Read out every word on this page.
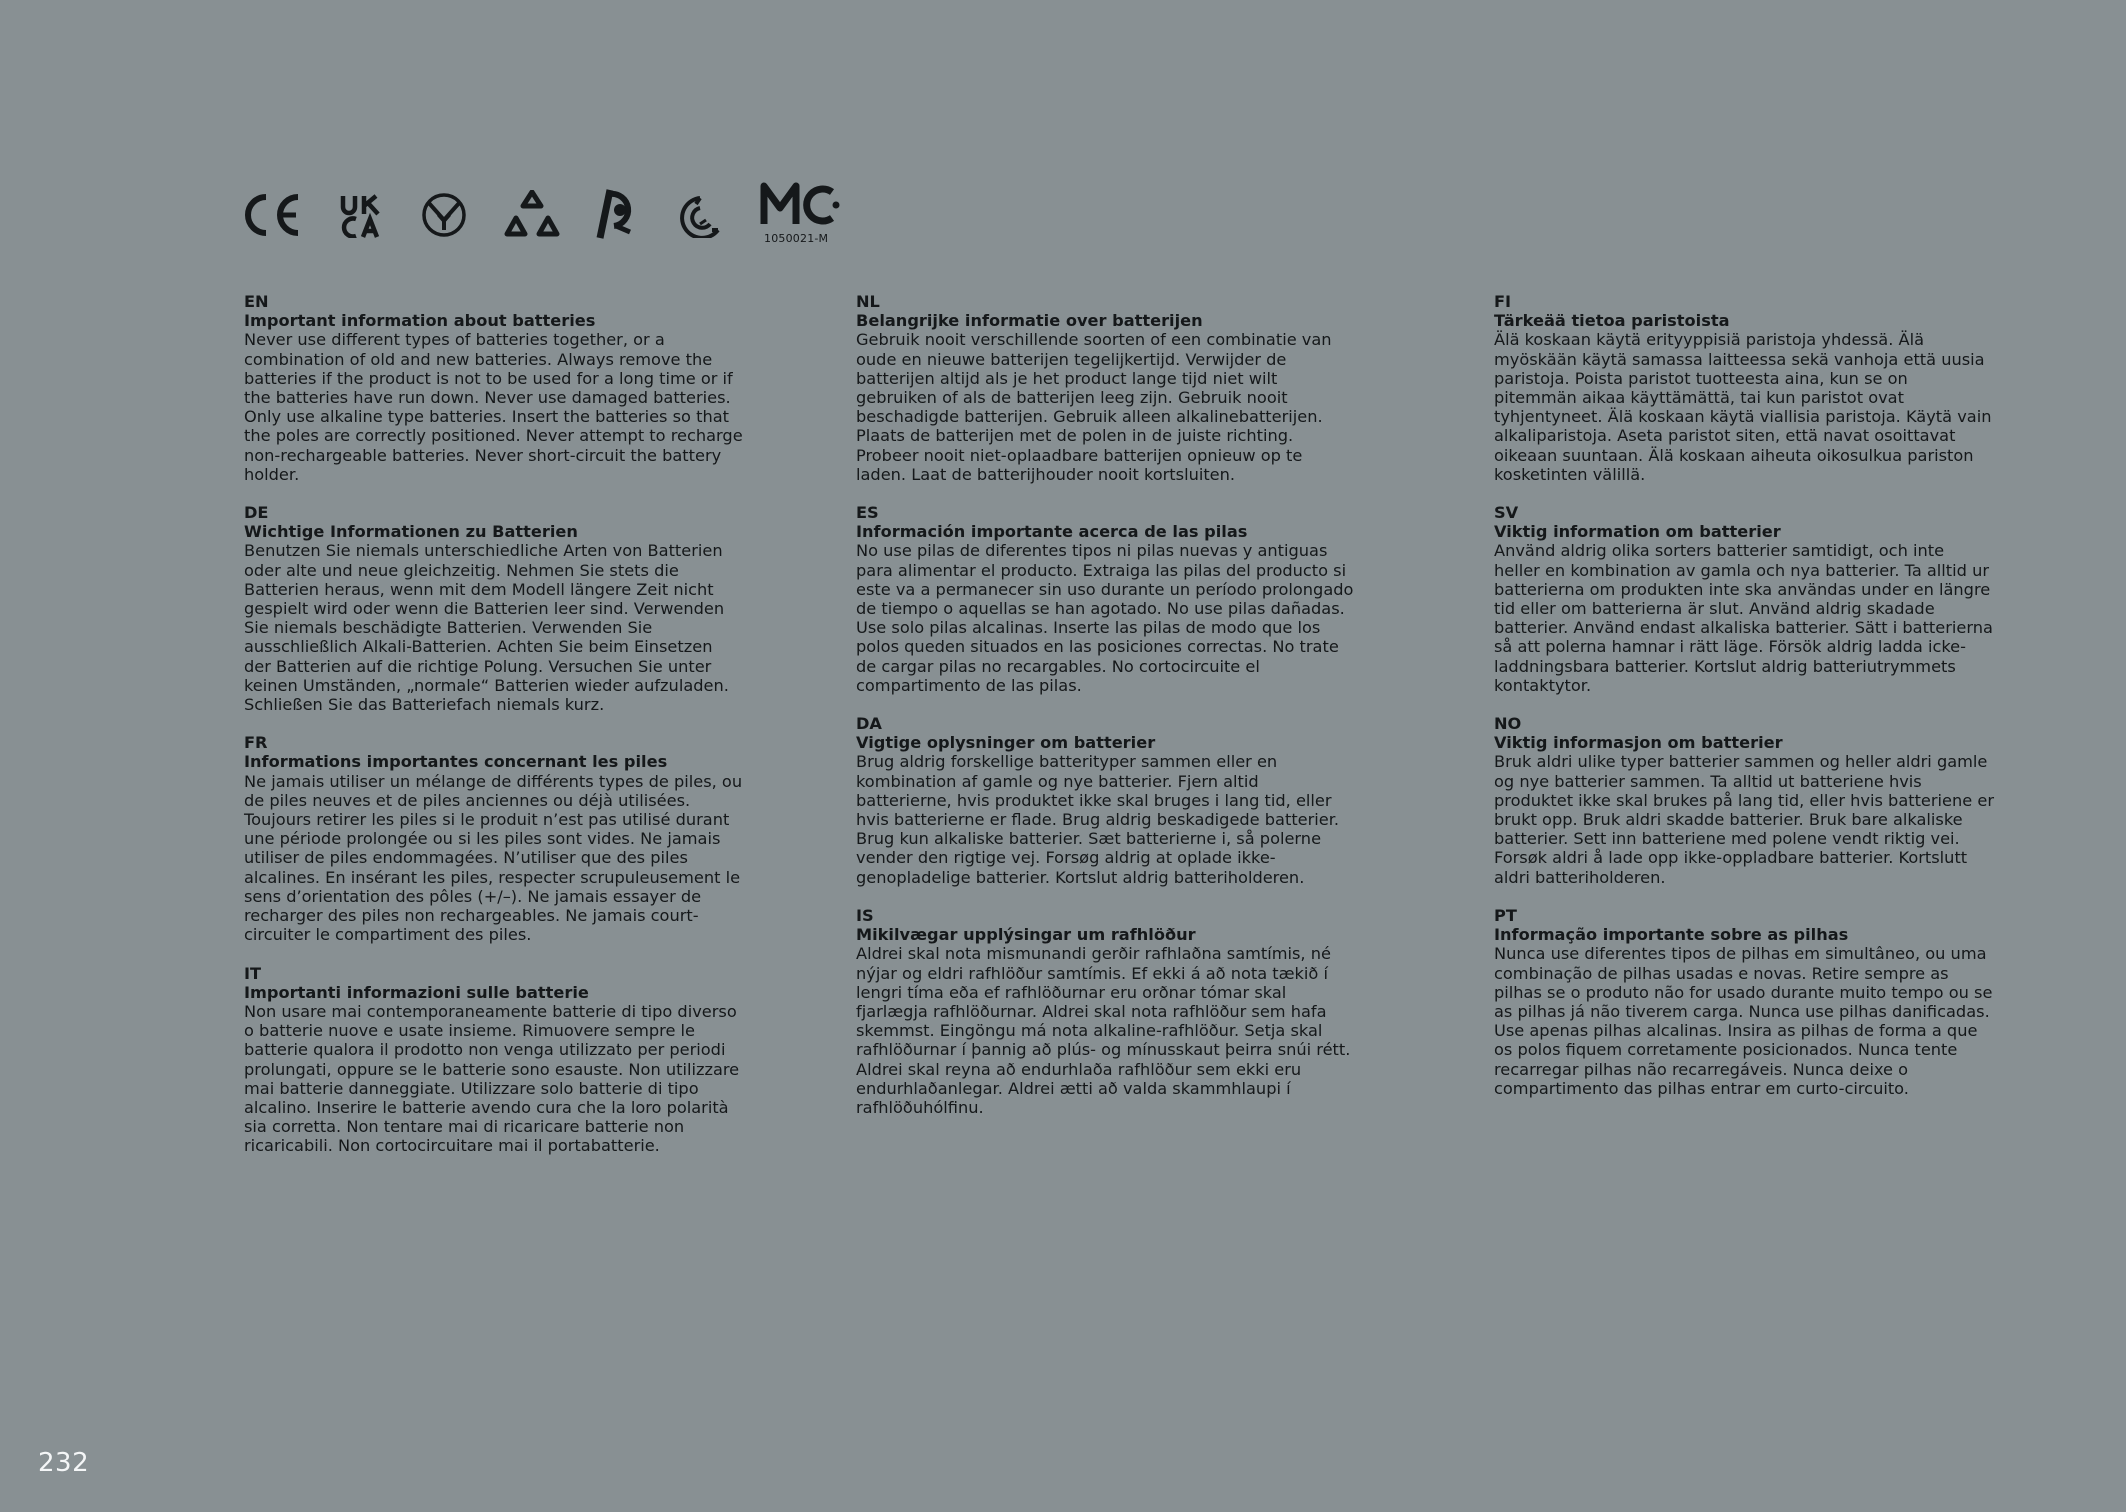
1050021-M
EN
Important information about batteries
Never use different types of batteries together, or a combination of old and new batteries. Always remove the batteries if the product is not to be used for a long time or if the batteries have run down. Never use damaged batteries. Only use alkaline type batteries. Insert the batteries so that the poles are correctly positioned. Never attempt to recharge non-rechargeable batteries. Never short-circuit the battery holder.
DE
Wichtige Informationen zu Batterien
Benutzen Sie niemals unterschiedliche Arten von Batterien oder alte und neue gleichzeitig. Nehmen Sie stets die Batterien heraus, wenn mit dem Modell längere Zeit nicht gespielt wird oder wenn die Batterien leer sind. Verwenden Sie niemals beschädigte Batterien. Verwenden Sie ausschließlich Alkali-Batterien. Achten Sie beim Einsetzen der Batterien auf die richtige Polung. Versuchen Sie unter keinen Umständen, „normale“ Batterien wieder aufzuladen. Schließen Sie das Batteriefach niemals kurz.
FR
Informations importantes concernant les piles
Ne jamais utiliser un mélange de différents types de piles, ou de piles neuves et de piles anciennes ou déjà utilisées. Toujours retirer les piles si le produit n’est pas utilisé durant une période prolongée ou si les piles sont vides. Ne jamais utiliser de piles endommagées. N’utiliser que des piles alcalines. En insérant les piles, respecter scrupuleusement le sens d’orientation des pôles (+/–). Ne jamais essayer de recharger des piles non rechargeables. Ne jamais court-circuiter le compartiment des piles.
IT
Importanti informazioni sulle batterie
Non usare mai contemporaneamente batterie di tipo diverso o batterie nuove e usate insieme. Rimuovere sempre le batterie qualora il prodotto non venga utilizzato per periodi prolungati, oppure se le batterie sono esauste. Non utilizzare mai batterie danneggiate. Utilizzare solo batterie di tipo alcalino. Inserire le batterie avendo cura che la loro polarità sia corretta. Non tentare mai di ricaricare batterie non ricaricabili. Non cortocircuitare mai il portabatterie.
NL
Belangrijke informatie over batterijen
Gebruik nooit verschillende soorten of een combinatie van oude en nieuwe batterijen tegelijkertijd. Verwijder de batterijen altijd als je het product lange tijd niet wilt gebruiken of als de batterijen leeg zijn. Gebruik nooit beschadigde batterijen. Gebruik alleen alkalinebatterijen. Plaats de batterijen met de polen in de juiste richting. Probeer nooit niet-oplaadbare batterijen opnieuw op te laden. Laat de batterijhouder nooit kortsluiten.
ES
Información importante acerca de las pilas
No use pilas de diferentes tipos ni pilas nuevas y antiguas para alimentar el producto. Extraiga las pilas del producto si este va a permanecer sin uso durante un período prolongado de tiempo o aquellas se han agotado. No use pilas dañadas. Use solo pilas alcalinas. Inserte las pilas de modo que los polos queden situados en las posiciones correctas. No trate de cargar pilas no recargables. No cortocircuite el compartimento de las pilas.
DA
Vigtige oplysninger om batterier
Brug aldrig forskellige batterityper sammen eller en kombination af gamle og nye batterier. Fjern altid batterierne, hvis produktet ikke skal bruges i lang tid, eller hvis batterierne er flade. Brug aldrig beskadigede batterier. Brug kun alkaliske batterier. Sæt batterierne i, så polerne vender den rigtige vej. Forsøg aldrig at oplade ikke-genopladelige batterier. Kortslut aldrig batteriholderen.
IS
Mikilvægar upplýsingar um rafhlöður
Aldrei skal nota mismunandi gerðir rafhlaðna samtímis, né nýjar og eldri rafhlöður samtímis. Ef ekki á að nota tækið í lengri tíma eða ef rafhlöðurnar eru orðnar tómar skal fjarlægja rafhlöðurnar. Aldrei skal nota rafhlöður sem hafa skemmst. Eingöngu má nota alkaline-rafhlöður. Setja skal rafhlöðurnar í þannig að plús- og mínusskaut þeirra snúi rétt. Aldrei skal reyna að endurhlaða rafhlöður sem ekki eru endurhlaðanlegar. Aldrei ætti að valda skammhlaupi í rafhlöðuhólfinu.
FI
Tärkeää tietoa paristoista
Älä koskaan käytä erityyppisiä paristoja yhdessä. Älä myöskään käytä samassa laitteessa sekä vanhoja että uusia paristoja. Poista paristot tuotteesta aina, kun se on pitemmän aikaa käyttämättä, tai kun paristot ovat tyhjentyneet. Älä koskaan käytä viallisia paristoja. Käytä vain alkaliparistoja. Aseta paristot siten, että navat osoittavat oikeaan suuntaan. Älä koskaan aiheuta oikosulkua pariston kosketinten välillä.
SV
Viktig information om batterier
Använd aldrig olika sorters batterier samtidigt, och inte heller en kombination av gamla och nya batterier. Ta alltid ur batterierna om produkten inte ska användas under en längre tid eller om batterierna är slut. Använd aldrig skadade batterier. Använd endast alkaliska batterier. Sätt i batterierna så att polerna hamnar i rätt läge. Försök aldrig ladda icke-laddningsbara batterier. Kortslut aldrig batteriutrymmets kontaktytor.
NO
Viktig informasjon om batterier
Bruk aldri ulike typer batterier sammen og heller aldri gamle og nye batterier sammen. Ta alltid ut batteriene hvis produktet ikke skal brukes på lang tid, eller hvis batteriene er brukt opp. Bruk aldri skadde batterier. Bruk bare alkaliske batterier. Sett inn batteriene med polene vendt riktig vei. Forsøk aldri å lade opp ikke-oppladbare batterier. Kortslutt aldri batteriholderen.
PT
Informação importante sobre as pilhas
Nunca use diferentes tipos de pilhas em simultâneo, ou uma combinação de pilhas usadas e novas. Retire sempre as pilhas se o produto não for usado durante muito tempo ou se as pilhas já não tiverem carga. Nunca use pilhas danificadas. Use apenas pilhas alcalinas. Insira as pilhas de forma a que os polos fiquem corretamente posicionados. Nunca tente recarregar pilhas não recarregáveis. Nunca deixe o compartimento das pilhas entrar em curto-circuito.
232
